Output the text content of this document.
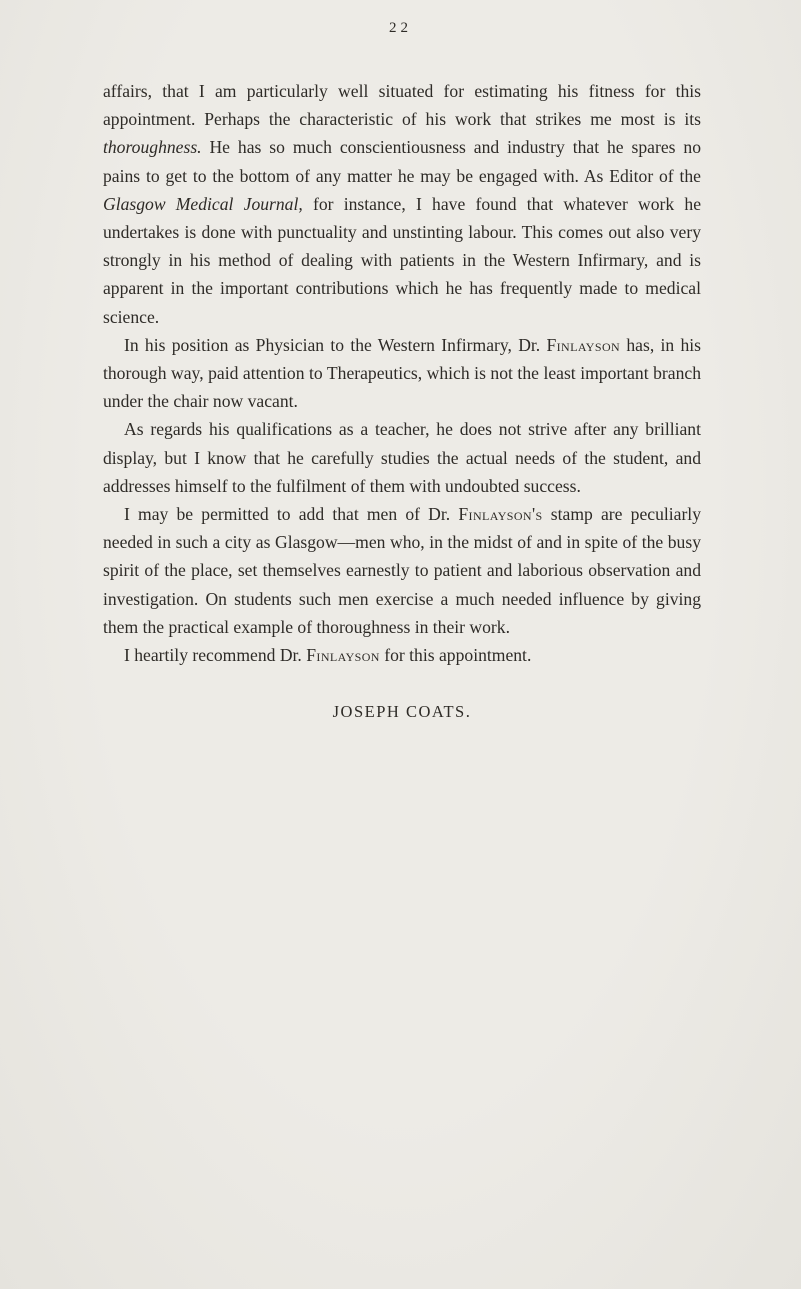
22

affairs, that I am particularly well situated for estimating his fitness for this appointment. Perhaps the characteristic of his work that strikes me most is its thoroughness. He has so much conscientiousness and industry that he spares no pains to get to the bottom of any matter he may be engaged with. As Editor of the Glasgow Medical Journal, for instance, I have found that whatever work he undertakes is done with punctuality and unstinting labour. This comes out also very strongly in his method of dealing with patients in the Western Infirmary, and is apparent in the important contributions which he has frequently made to medical science.

In his position as Physician to the Western Infirmary, Dr. Finlayson has, in his thorough way, paid attention to Therapeutics, which is not the least important branch under the chair now vacant.

As regards his qualifications as a teacher, he does not strive after any brilliant display, but I know that he carefully studies the actual needs of the student, and addresses himself to the fulfilment of them with undoubted success.

I may be permitted to add that men of Dr. Finlayson's stamp are peculiarly needed in such a city as Glasgow—men who, in the midst of and in spite of the busy spirit of the place, set themselves earnestly to patient and laborious observation and investigation. On students such men exercise a much needed influence by giving them the practical example of thoroughness in their work.

I heartily recommend Dr. Finlayson for this appointment.

JOSEPH COATS.
